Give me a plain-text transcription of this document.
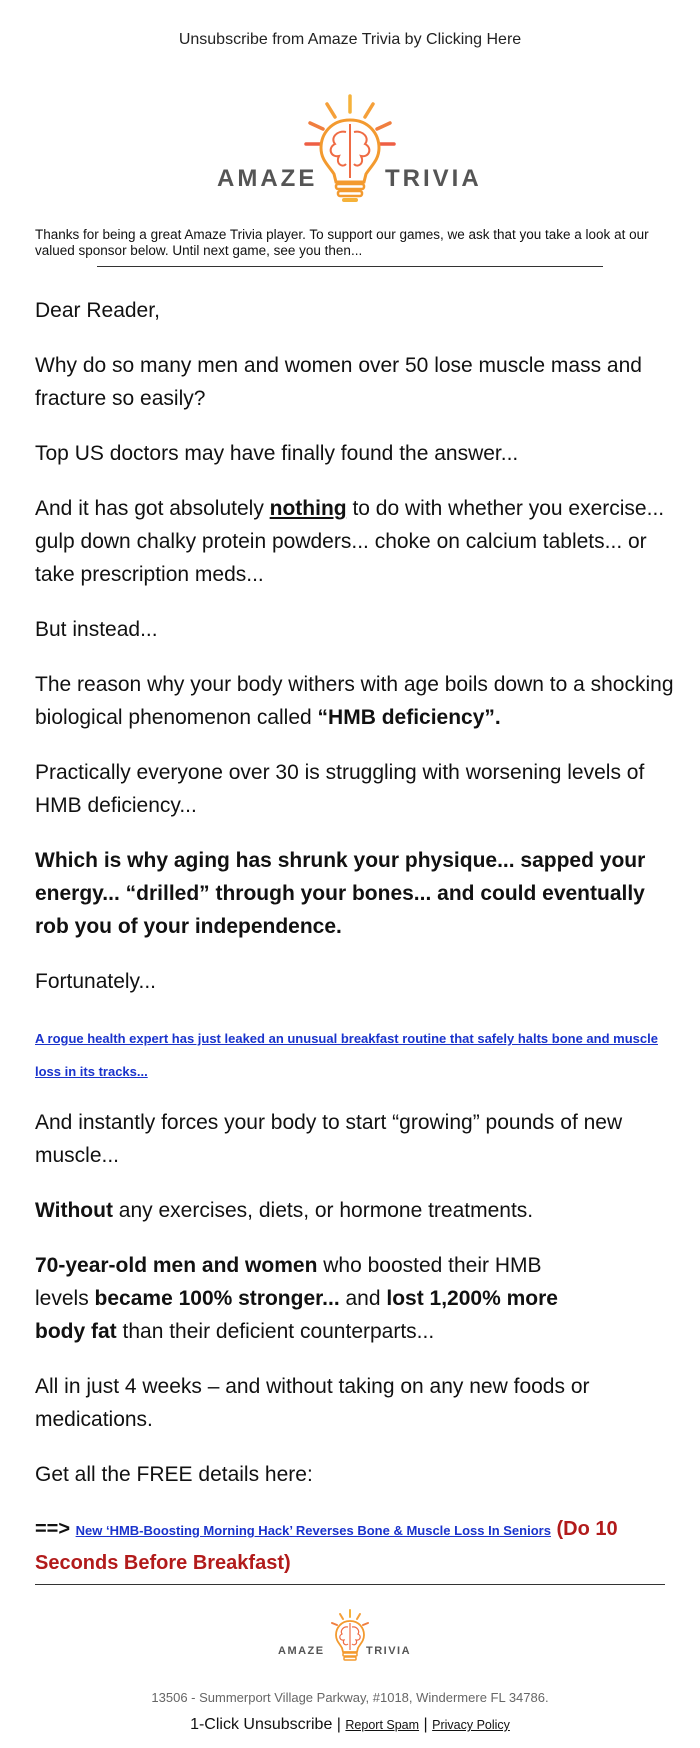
Unsubscribe from Amaze Trivia by Clicking Here
AMAZE	TRIVIA
Thanks for being a great Amaze Trivia player. To support our games, we ask that you take a look at our valued sponsor below. Until next game, see you then...

Dear Reader,

Why do so many men and women over 50 lose muscle mass and fracture so easily?

Top US doctors may have finally found the answer...

And it has got absolutely nothing to do with whether you exercise... gulp down chalky protein powders... choke on calcium tablets... or take prescription meds...

But instead...

The reason why your body withers with age boils down to a shocking biological phenomenon called “HMB deficiency”.

Practically everyone over 30 is struggling with worsening levels of HMB deficiency...

Which is why aging has shrunk your physique... sapped your energy... “drilled” through your bones... and could eventually rob you of your independence.

Fortunately...

A rogue health expert has just leaked an unusual breakfast routine that safely halts bone and muscle loss in its tracks...

And instantly forces your body to start “growing” pounds of new muscle...

Without any exercises, diets, or hormone treatments.

70-year-old men and women who boosted their HMB levels became 100% stronger... and lost 1,200% more body fat than their deficient counterparts...

All in just 4 weeks – and without taking on any new foods or medications.

Get all the FREE details here:

==> New ‘HMB-Boosting Morning Hack’ Reverses Bone & Muscle Loss In Seniors (Do 10 Seconds Before Breakfast)

AMAZE	TRIVIA
13506 - Summerport Village Parkway, #1018, Windermere FL 34786.
1-Click Unsubscribe | Report Spam | Privacy Policy
